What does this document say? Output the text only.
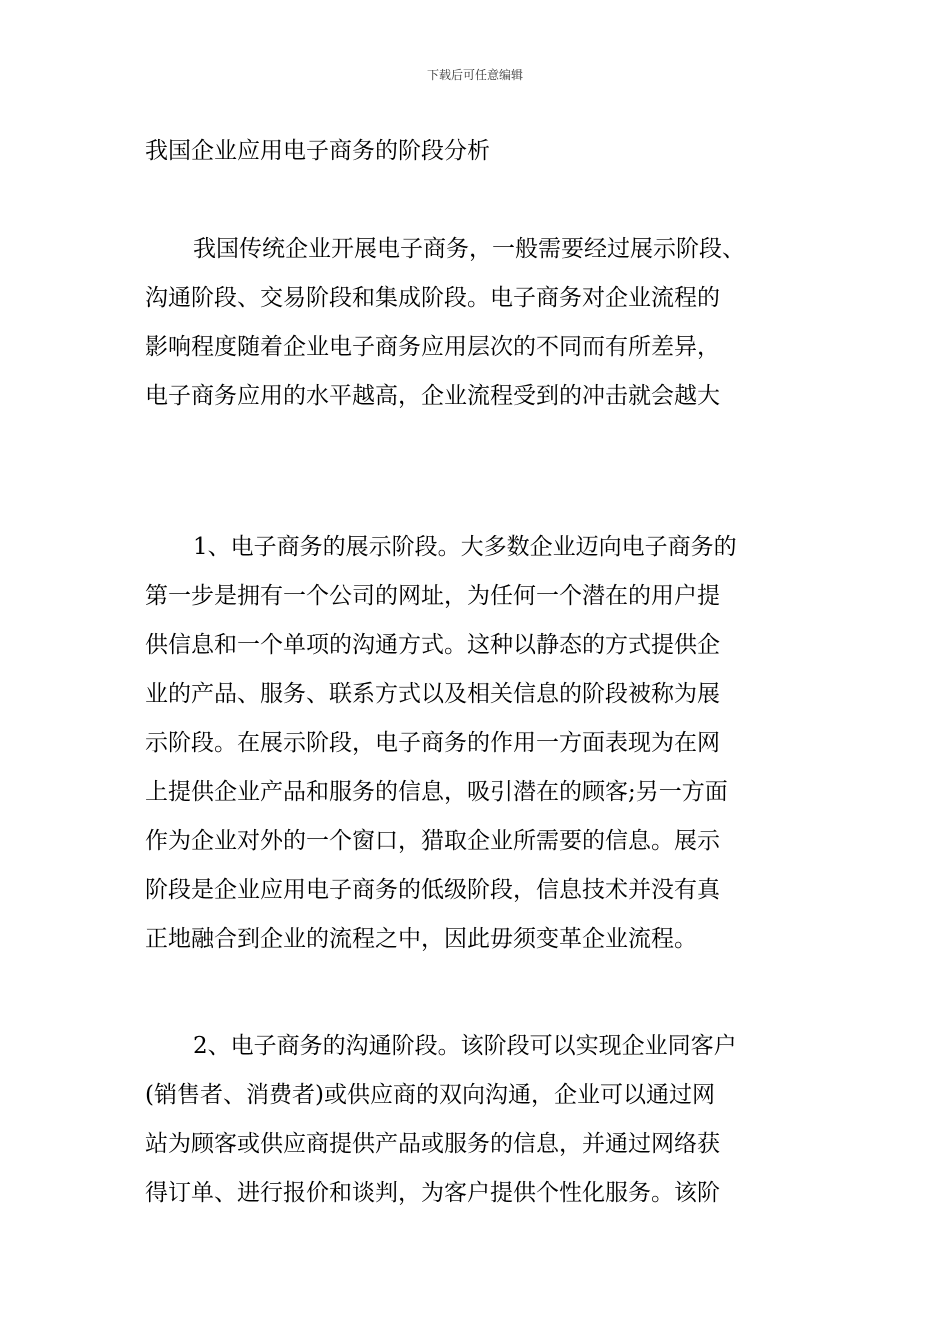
下载后可任意编辑
我国企业应用电子商务的阶段分析
我国传统企业开展电子商务，一般需要经过展示阶段、
沟通阶段、交易阶段和集成阶段。电子商务对企业流程的
影响程度随着企业电子商务应用层次的不同而有所差异，
电子商务应用的水平越高，企业流程受到的冲击就会越大
1、电子商务的展示阶段。大多数企业迈向电子商务的
第一步是拥有一个公司的网址，为任何一个潜在的用户提
供信息和一个单项的沟通方式。这种以静态的方式提供企
业的产品、服务、联系方式以及相关信息的阶段被称为展
示阶段。在展示阶段，电子商务的作用一方面表现为在网
上提供企业产品和服务的信息，吸引潜在的顾客;另一方面
作为企业对外的一个窗口，猎取企业所需要的信息。展示
阶段是企业应用电子商务的低级阶段，信息技术并没有真
正地融合到企业的流程之中，因此毋须变革企业流程。
2、电子商务的沟通阶段。该阶段可以实现企业同客户
(销售者、消费者)或供应商的双向沟通，企业可以通过网
站为顾客或供应商提供产品或服务的信息，并通过网络获
得订单、进行报价和谈判，为客户提供个性化服务。该阶
